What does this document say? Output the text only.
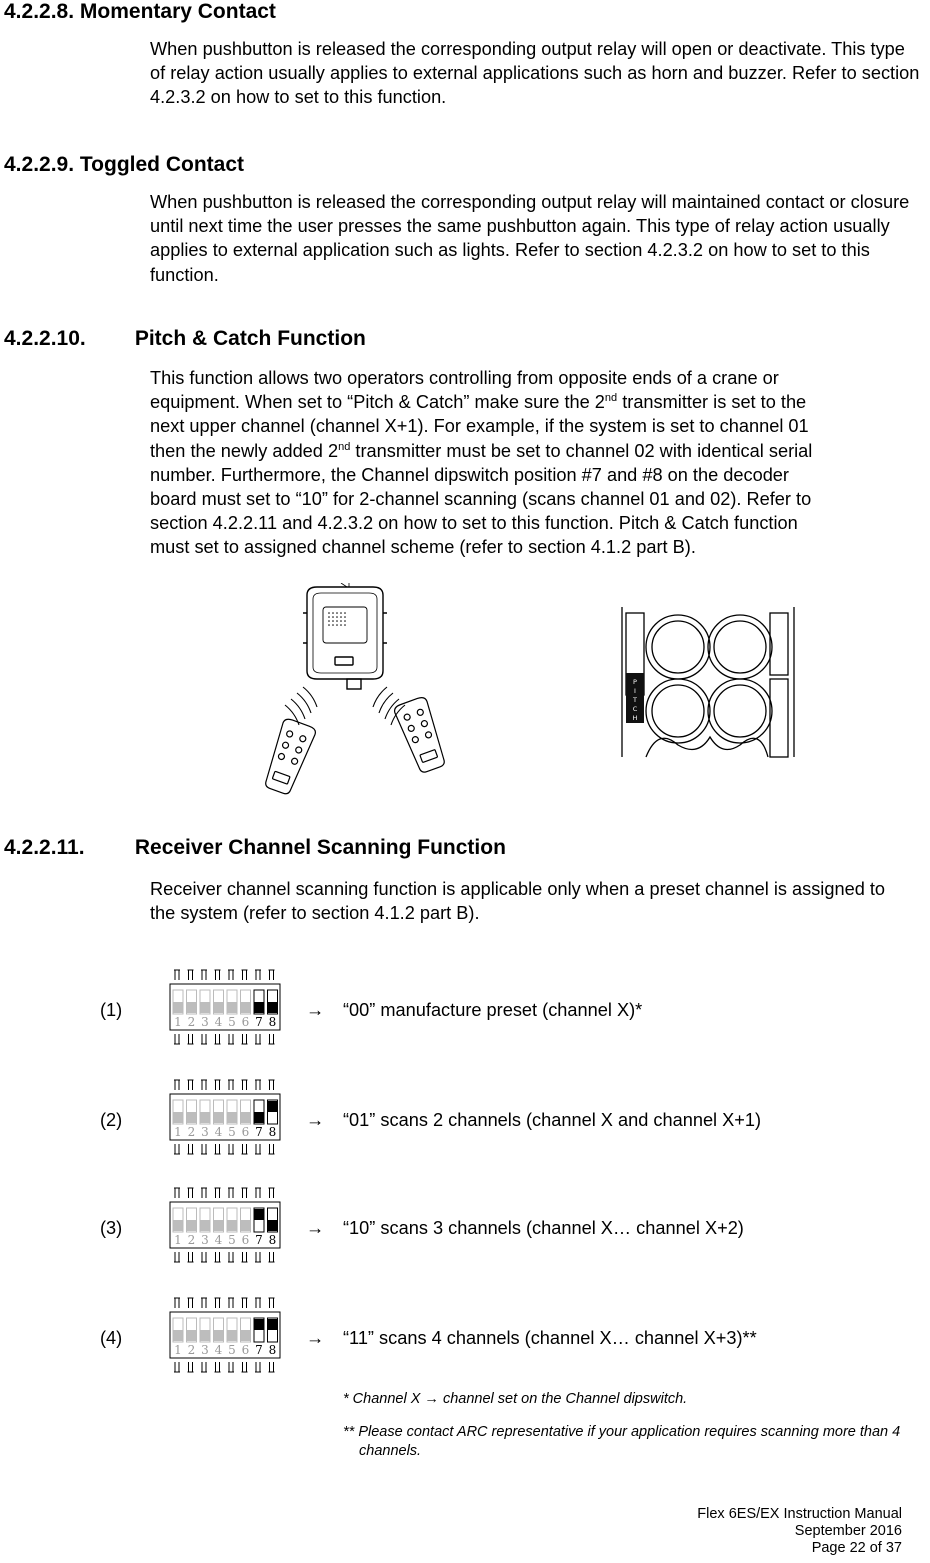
4.2.2.8. Momentary Contact
When pushbutton is released the corresponding output relay will open or deactivate. This type of relay action usually applies to external applications such as horn and buzzer. Refer to section 4.2.3.2 on how to set to this function.
4.2.2.9. Toggled Contact
When pushbutton is released the corresponding output relay will maintained contact or closure until next time the user presses the same pushbutton again. This type of relay action usually applies to external application such as lights. Refer to section 4.2.3.2 on how to set to this function.
4.2.2.10. Pitch & Catch Function

This function allows two operators controlling from opposite ends of a crane or

equipment. When set to “Pitch & Catch” make sure the 2nd transmitter is set to the

next upper channel (channel X+1). For example, if the system is set to channel 01

then the newly added 2nd transmitter must be set to channel 02 with identical serial

number. Furthermore, the Channel dipswitch position #7 and #8 on the decoder

board must set to “10” for 2-channel scanning (scans channel 01 and 02). Refer to

section 4.2.2.11 and 4.2.3.2 on how to set to this function. Pitch & Catch function

must set to assigned channel scheme (refer to section 4.1.2 part B).

P
I
T
C
H
4.2.2.11. Receiver Channel Scanning Function
Receiver channel scanning function is applicable only when a preset channel is assigned to the system (refer to section 4.1.2 part B).
(1)
1 2 3 4 5 6 7 8
→ “00” manufacture preset (channel X)*
(2)
1 2 3 4 5 6 7 8
→ “01” scans 2 channels (channel X and channel X+1)
(3)
1 2 3 4 5 6 7 8
→ “10” scans 3 channels (channel X… channel X+2)
(4)
1 2 3 4 5 6 7 8
→ “11” scans 4 channels (channel X… channel X+3)**
* Channel X → channel set on the Channel dipswitch.
** Please contact ARC representative if your application requires scanning more than 4 channels.
Flex 6ES/EX Instruction Manual
September 2016
Page 22 of 37
